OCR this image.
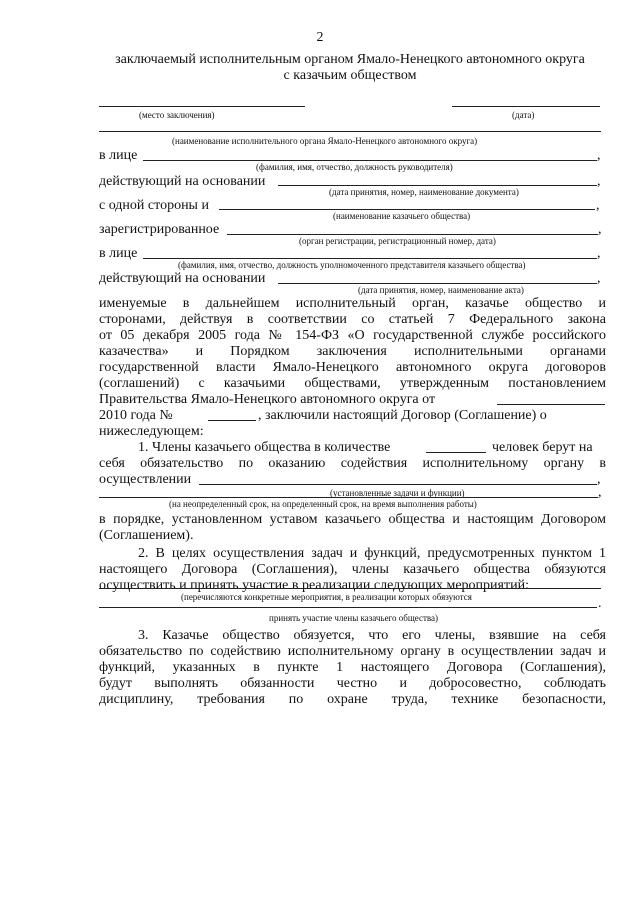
2
заключаемый исполнительным органом Ямало-Ненецкого автономного округа
с казачьим обществом
(место заключения)	(дата)
(наименование исполнительного органа Ямало-Ненецкого автономного округа)
в лице	,
(фамилия, имя, отчество, должность руководителя)
действующий на основании	,
(дата принятия, номер, наименование документа)
с одной стороны и	,
(наименование казачьего общества)
зарегистрированное	,
(орган регистрации, регистрационный номер, дата)
в лице	,
(фамилия, имя, отчество, должность уполномоченного представителя казачьего общества)
действующий на основании	,
(дата принятия, номер, наименование акта)
именуемые в дальнейшем исполнительный орган, казачье общество и
сторонами, действуя в соответствии со статьей 7 Федерального закона
от 05 декабря 2005 года № 154-ФЗ «О государственной службе российского
казачества» и Порядком заключения исполнительными органами
государственной власти Ямало-Ненецкого автономного округа договоров
(соглашений) с казачьими обществами, утвержденным постановлением
Правительства Ямало-Ненецкого автономного округа от
2010 года №	, заключили настоящий Договор (Соглашение) о
нижеследующем:
1. Члены казачьего общества в количестве	человек берут на
себя обязательство по оказанию содействия исполнительному органу в
осуществлении	,
(установленные задачи и функции)	,
(на неопределенный срок, на определенный срок, на время выполнения работы)
в порядке, установленном уставом казачьего общества и настоящим Договором
(Соглашением).
2. В целях осуществления задач и функций, предусмотренных пунктом 1
настоящего Договора (Соглашения), члены казачьего общества обязуются
осуществить и принять участие в реализации следующих мероприятий:
(перечисляются конкретные мероприятия, в реализации которых обязуются	.
принять участие члены казачьего общества)
3. Казачье общество обязуется, что его члены, взявшие на себя
обязательство по содействию исполнительному органу в осуществлении задач и
функций, указанных в пункте 1 настоящего Договора (Соглашения),
будут выполнять обязанности честно и добросовестно, соблюдать
дисциплину, требования по охране труда, технике безопасности,
